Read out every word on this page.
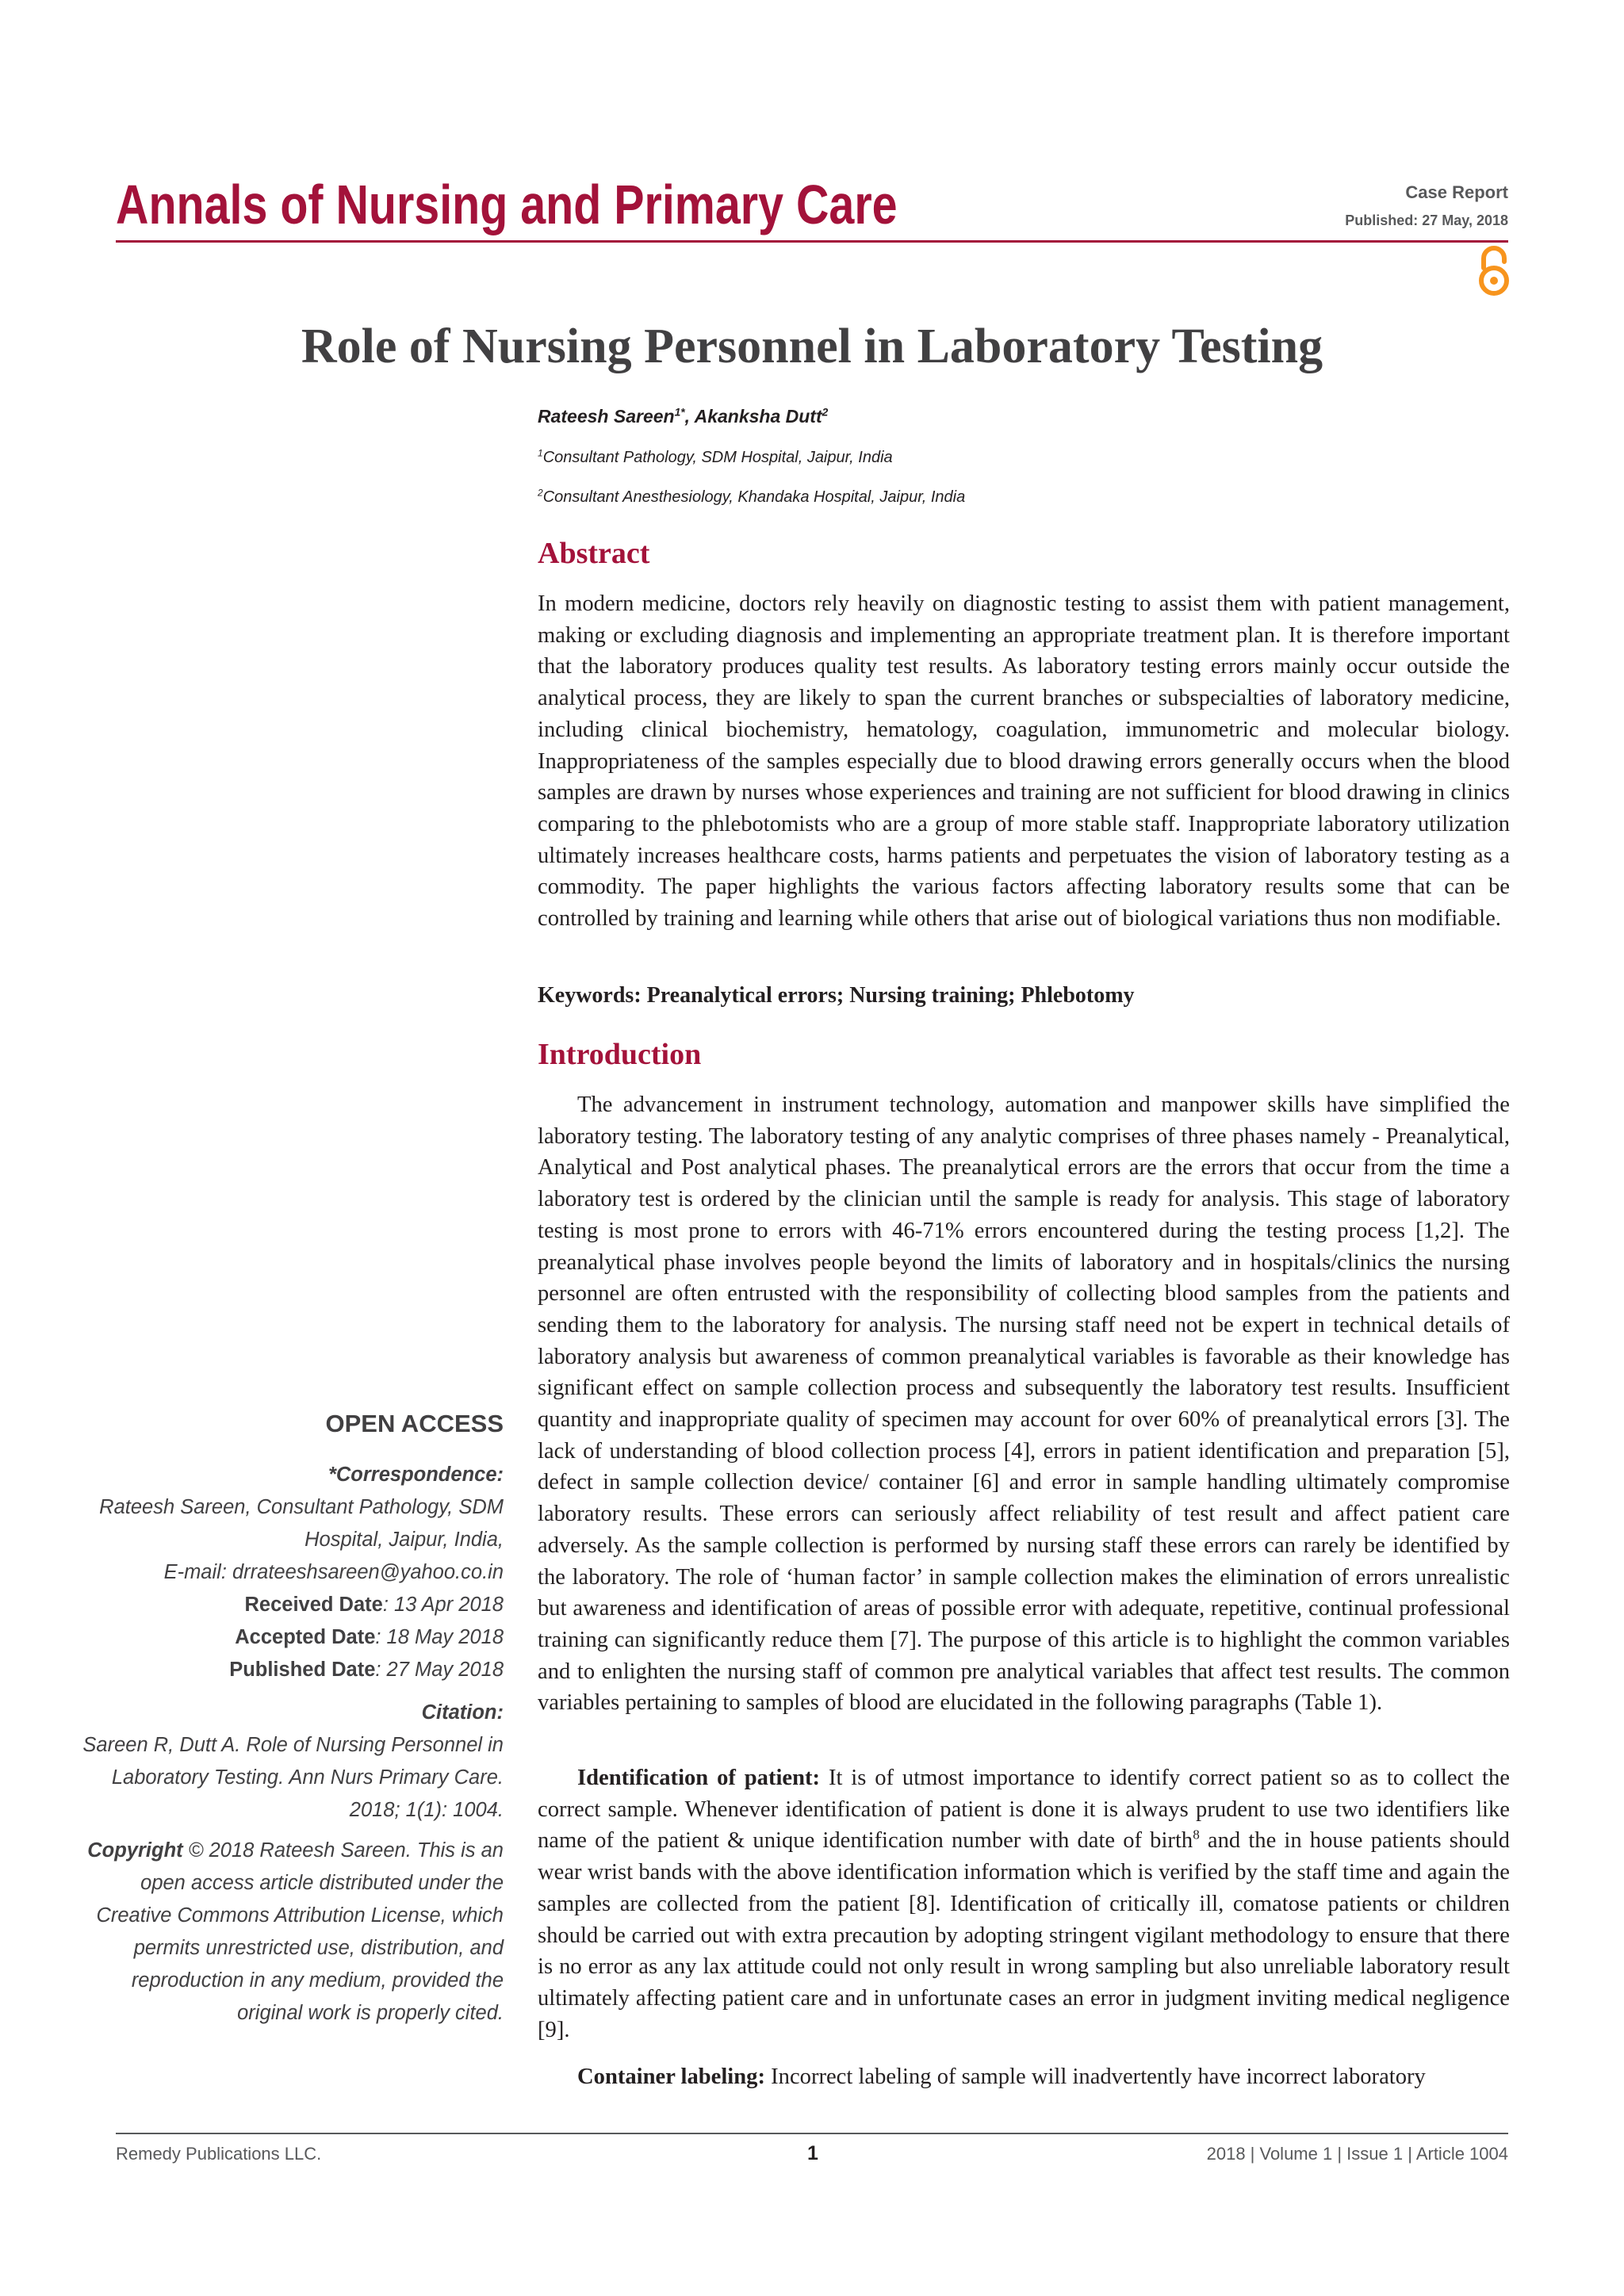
Annals of Nursing and Primary Care	Case Report
Published: 27 May, 2018
Role of Nursing Personnel in Laboratory Testing
Rateesh Sareen$^{1*}$, Akanksha Dutt$^2$
$^1$Consultant Pathology, SDM Hospital, Jaipur, India
$^2$Consultant Anesthesiology, Khandaka Hospital, Jaipur, India
Abstract

In modern medicine, doctors rely heavily on diagnostic testing to assist them with patient management, making or excluding diagnosis and implementing an appropriate treatment plan. It is therefore important that the laboratory produces quality test results. As laboratory testing errors mainly occur outside the analytical process, they are likely to span the current branches or subspecialties of laboratory medicine, including clinical biochemistry, hematology, coagulation, immunometric and molecular biology. Inappropriateness of the samples especially due to blood drawing errors generally occurs when the blood samples are drawn by nurses whose experiences and training are not sufficient for blood drawing in clinics comparing to the phlebotomists who are a group of more stable staff. Inappropriate laboratory utilization ultimately increases healthcare costs, harms patients and perpetuates the vision of laboratory testing as a commodity. The paper highlights the various factors affecting laboratory results some that can be controlled by training and learning while others that arise out of biological variations thus non modifiable.

Keywords: Preanalytical errors; Nursing training; Phlebotomy
Introduction

The advancement in instrument technology, automation and manpower skills have simplified the laboratory testing. The laboratory testing of any analytic comprises of three phases namely - Preanalytical, Analytical and Post analytical phases. The preanalytical errors are the errors that occur from the time a laboratory test is ordered by the clinician until the sample is ready for analysis. This stage of laboratory testing is most prone to errors with 46-71% errors encountered during the testing process [1,2]. The preanalytical phase involves people beyond the limits of laboratory and in hospitals/clinics the nursing personnel are often entrusted with the responsibility of collecting blood samples from the patients and sending them to the laboratory for analysis. The nursing staff need not be expert in technical details of laboratory analysis but awareness of common preanalytical variables is favorable as their knowledge has significant effect on sample collection process and subsequently the laboratory test results. Insufficient quantity and inappropriate quality of specimen may account for over 60% of preanalytical errors [3]. The lack of understanding of blood collection process [4], errors in patient identification and preparation [5], defect in sample collection device/ container [6] and error in sample handling ultimately compromise laboratory results. These errors can seriously affect reliability of test result and affect patient care adversely. As the sample collection is performed by nursing staff these errors can rarely be identified by the laboratory. The role of ‘human factor’ in sample collection makes the elimination of errors unrealistic but awareness and identification of areas of possible error with adequate, repetitive, continual professional training can significantly reduce them [7]. The purpose of this article is to highlight the common variables and to enlighten the nursing staff of common pre analytical variables that affect test results. The common variables pertaining to samples of blood are elucidated in the following paragraphs (Table 1).

Identification of patient: It is of utmost importance to identify correct patient so as to collect the correct sample. Whenever identification of patient is done it is always prudent to use two identifiers like name of the patient & unique identification number with date of birth$^8$ and the in house patients should wear wrist bands with the above identification information which is verified by the staff time and again the samples are collected from the patient [8]. Identification of critically ill, comatose patients or children should be carried out with extra precaution by adopting stringent vigilant methodology to ensure that there is no error as any lax attitude could not only result in wrong sampling but also unreliable laboratory result ultimately affecting patient care and in unfortunate cases an error in judgment inviting medical negligence [9].

Container labeling: Incorrect labeling of sample will inadvertently have incorrect laboratory

OPEN ACCESS
*Correspondence:
Rateesh Sareen, Consultant Pathology, SDM Hospital, Jaipur, India,
E-mail: drrateeshsareen@yahoo.co.in
Received Date: 13 Apr 2018
Accepted Date: 18 May 2018
Published Date: 27 May 2018
Citation:
Sareen R, Dutt A. Role of Nursing Personnel in Laboratory Testing. Ann Nurs Primary Care. 2018; 1(1): 1004.
Copyright © 2018 Rateesh Sareen. This is an open access article distributed under the Creative Commons Attribution License, which permits unrestricted use, distribution, and reproduction in any medium, provided the original work is properly cited.
Remedy Publications LLC.	1	2018 | Volume 1 | Issue 1 | Article 1004
